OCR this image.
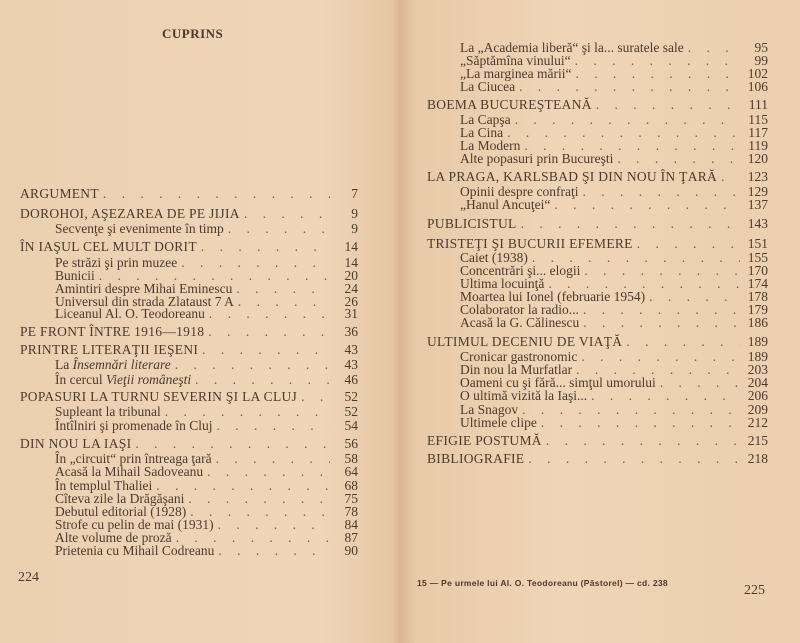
CUPRINS
ARGUMENT . . .	7
DOROHOI, AŞEZAREA DE PE JIJIA . . .	9
Secvenţe şi evenimente în timp . . .	9
ÎN IAŞUL CEL MULT DORIT . . .	14
Pe străzi şi prin muzee . . .	14
Bunicii . . .	20
Amintiri despre Mihai Eminescu . . .	24
Universul din strada Zlataust 7 A . . .	26
Liceanul Al. O. Teodoreanu . . .	31
PE FRONT ÎNTRE 1916—1918 . . .	36
PRINTRE LITERAŢII IEŞENI . . .	43
La Însemnări literare . . .	43
În cercul Vieţii româneşti . . .	46
POPASURI LA TURNU SEVERIN ŞI LA CLUJ . . .	52
Supleant la tribunal . . .	52
Întîlniri şi promenade în Cluj . . .	54
DIN NOU LA IAŞI . . .	56
În „circuit“ prin întreaga ţară . . .	58
Acasă la Mihail Sadoveanu . . .	64
În templul Thaliei . . .	68
Cîteva zile la Drăgăşani . . .	75
Debutul editorial (1928) . . .	78
Strofe cu pelin de mai (1931) . . .	84
Alte volume de proză . . .	87
Prietenia cu Mihail Codreanu . . .	90
224
La „Academia liberă“ şi la... suratele sale . . .	95
„Săptămîna vinului“ . . .	99
„La marginea mării“ . . .	102
La Ciucea . . .	106
BOEMA BUCUREŞTEANĂ . . .	111
La Capşa . . .	115
La Cina . . .	117
La Modern . . .	119
Alte popasuri prin Bucureşti . . .	120
LA PRAGA, KARLSBAD ŞI DIN NOU ÎN ŢARĂ . . . 123
Opinii despre confraţi . . .	129
„Hanul Ancuţei“ . . .	137
PUBLICISTUL . . .	143
TRISTEŢI ŞI BUCURII EFEMERE . . .	151
Caiet (1938) . . .	155
Concentrări şi... elogii . . .	170
Ultima locuinţă . . .	174
Moartea lui Ionel (februarie 1954) . . .	178
Colaborator la radio... . . .	179
Acasă la G. Călinescu . . .	186
ULTIMUL DECENIU DE VIAŢĂ . . .	189
Cronicar gastronomic . . .	189
Din nou la Murfatlar . . .	203
Oameni cu şi fără... simţul umorului . . .	204
O ultimă vizită la Iaşi... . . .	206
La Snagov . . .	209
Ultimele clipe . . .	212
EFIGIE POSTUMĂ . . .	215
BIBLIOGRAFIE . . .	218
15 — Pe urmele lui Al. O. Teodoreanu (Păstorel) — cd. 238	225
